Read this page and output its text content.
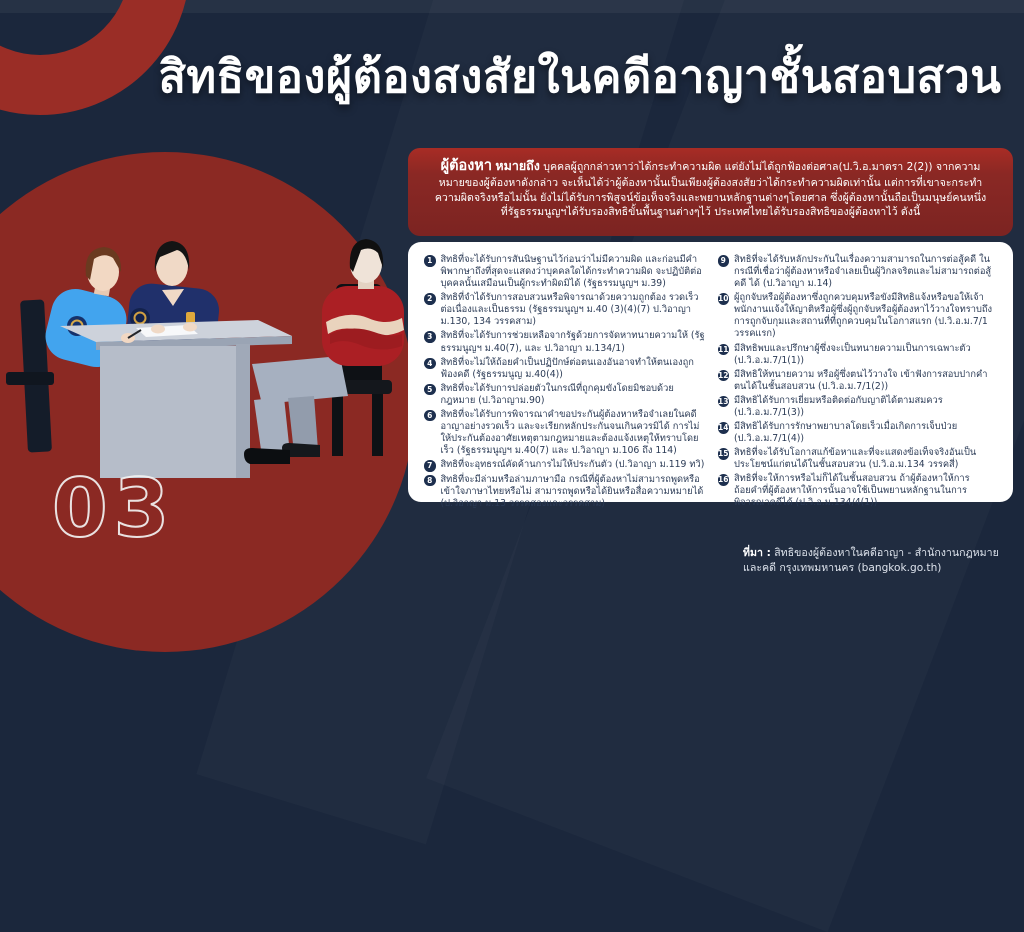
สิทธิของผู้ต้องสงสัยในคดีอาญาชั้นสอบสวน
03
ผู้ต้องหา หมายถึง บุคคลผู้ถูกกล่าวหาว่าได้กระทำความผิด แต่ยังไม่ได้ถูกฟ้องต่อศาล(ป.วิ.อ.มาตรา 2(2)) จากความหมายของผู้ต้องหาดังกล่าว จะเห็นได้ว่าผู้ต้องหานั้นเป็นเพียงผู้ต้องสงสัยว่าได้กระทำความผิดเท่านั้น แต่การที่เขาจะกระทำความผิดจริงหรือไม่นั้น ยังไม่ได้รับการพิสูจน์ข้อเท็จจริงและพยานหลักฐานต่างๆโดยศาล ซึ่งผู้ต้องหานั้นถือเป็นมนุษย์คนหนึ่ง ที่รัฐธรรมนูญฯได้รับรองสิทธิขั้นพื้นฐานต่างๆไว้ ประเทศไทยได้รับรองสิทธิของผู้ต้องหาไว้ ดังนี้
1 สิทธิที่จะได้รับการสันนิษฐานไว้ก่อนว่าไม่มีความผิด และก่อนมีคำพิพากษาถึงที่สุดจะแสดงว่าบุคคลใดได้กระทำความผิด จะปฏิบัติต่อบุคคลนั้นเสมือนเป็นผู้กระทำผิดมิได้ (รัฐธรรมนูญฯ ม.39)
2 สิทธิที่จำได้รับการสอบสวนหรือพิจารณาด้วยความถูกต้อง รวดเร็ว ต่อเนื่องและเป็นธรรม (รัฐธรรมนูญฯ ม.40 (3)(4)(7) ป.วิอาญา ม.130, 134 วรรคสาม)
3 สิทธิที่จะได้รับการช่วยเหลือจากรัฐด้วยการจัดหาทนายความให้ (รัฐธรรมนูญฯ ม.40(7), และ ป.วิอาญา ม.134/1)
4 สิทธิที่จะไม่ให้ถ้อยคำเป็นปฏิปักษ์ต่อตนเองอันอาจทำให้ตนเองถูกฟ้องคดี (รัฐธรรมนูญ ม.40(4))
5 สิทธิที่จะได้รับการปล่อยตัวในกรณีที่ถูกคุมขังโดยมิชอบด้วยกฎหมาย (ป.วิอาญาม.90)
6 สิทธิที่จะได้รับการพิจารณาคำขอประกันผู้ต้องหาหรือจำเลยในคดีอาญาอย่างรวดเร็ว และจะเรียกหลักประกันจนเกินควรมิได้ การไม่ให้ประกันต้องอาศัยเหตุตามกฎหมายและต้องแจ้งเหตุให้ทราบโดยเร็ว (รัฐธรรมนูญฯ ม.40(7) และ ป.วิอาญา ม.106 ถึง 114)
7 สิทธิที่จะอุทธรณ์คัดค้านการไม่ให้ประกันตัว (ป.วิอาญา ม.119 ทวิ)
8 สิทธิที่จะมีล่ามหรือล่ามภาษามือ กรณีที่ผู้ต้องหาไม่สามารถพูดหรือเข้าใจภาษาไทยหรือไม่ สามารถพูดหรือได้ยินหรือสื่อความหมายได้ (ป.วิอาญา ม.13 วรรคสองและวรรคสาม)
9 สิทธิที่จะได้รับหลักประกันในเรื่องความสามารถในการต่อสู้คดี ในกรณีที่เชื่อว่าผู้ต้องหาหรือจำเลยเป็นผู้วิกลจริตและไม่สามารถต่อสู้คดี ได้ (ป.วิอาญา ม.14)
10 ผู้ถูกจับหรือผู้ต้องหาซึ่งถูกควบคุมหรือขังมีสิทธิแจ้งหรือขอให้เจ้าพนักงานแจ้งให้ญาติหรือผู้ซึ่งผู้ถูกจับหรือผู้ต้องหาไว้วางใจทราบถึงการถูกจับกุมและสถานที่ที่ถูกควบคุมในโอกาสแรก (ป.วิ.อ.ม.7/1 วรรคแรก)
11 มีสิทธิพบและปรึกษาผู้ซึ่งจะเป็นทนายความเป็นการเฉพาะตัว (ป.วิ.อ.ม.7/1(1))
12 มีสิทธิให้ทนายความ หรือผู้ซึ่งตนไว้วางใจ เข้าฟังการสอบปากคำตนได้ในชั้นสอบสวน (ป.วิ.อ.ม.7/1(2))
13 มีสิทธิได้รับการเยี่ยมหรือติดต่อกับญาติได้ตามสมควร (ป.วิ.อ.ม.7/1(3))
14 มีสิทธิได้รับการรักษาพยาบาลโดยเร็วเมื่อเกิดการเจ็บป่วย (ป.วิ.อ.ม.7/1(4))
15 สิทธิที่จะได้รับโอกาสแก้ข้อหาและที่จะแสดงข้อเท็จจริงอันเป็นประโยชน์แก่ตนได้ในชั้นสอบสวน (ป.วิ.อ.ม.134 วรรคสี่)
16 สิทธิที่จะให้การหรือไม่ก็ได้ในชั้นสอบสวน ถ้าผู้ต้องหาให้การ ถ้อยคำที่ผู้ต้องหาให้การนั้นอาจใช้เป็นพยานหลักฐานในการพิจารณาคดีได้ (ป.วิ.อ.ม.134/4(1))
ที่มา : สิทธิของผู้ต้องหาในคดีอาญา - สำนักงานกฎหมายและคดี กรุงเทพมหานคร (bangkok.go.th)
